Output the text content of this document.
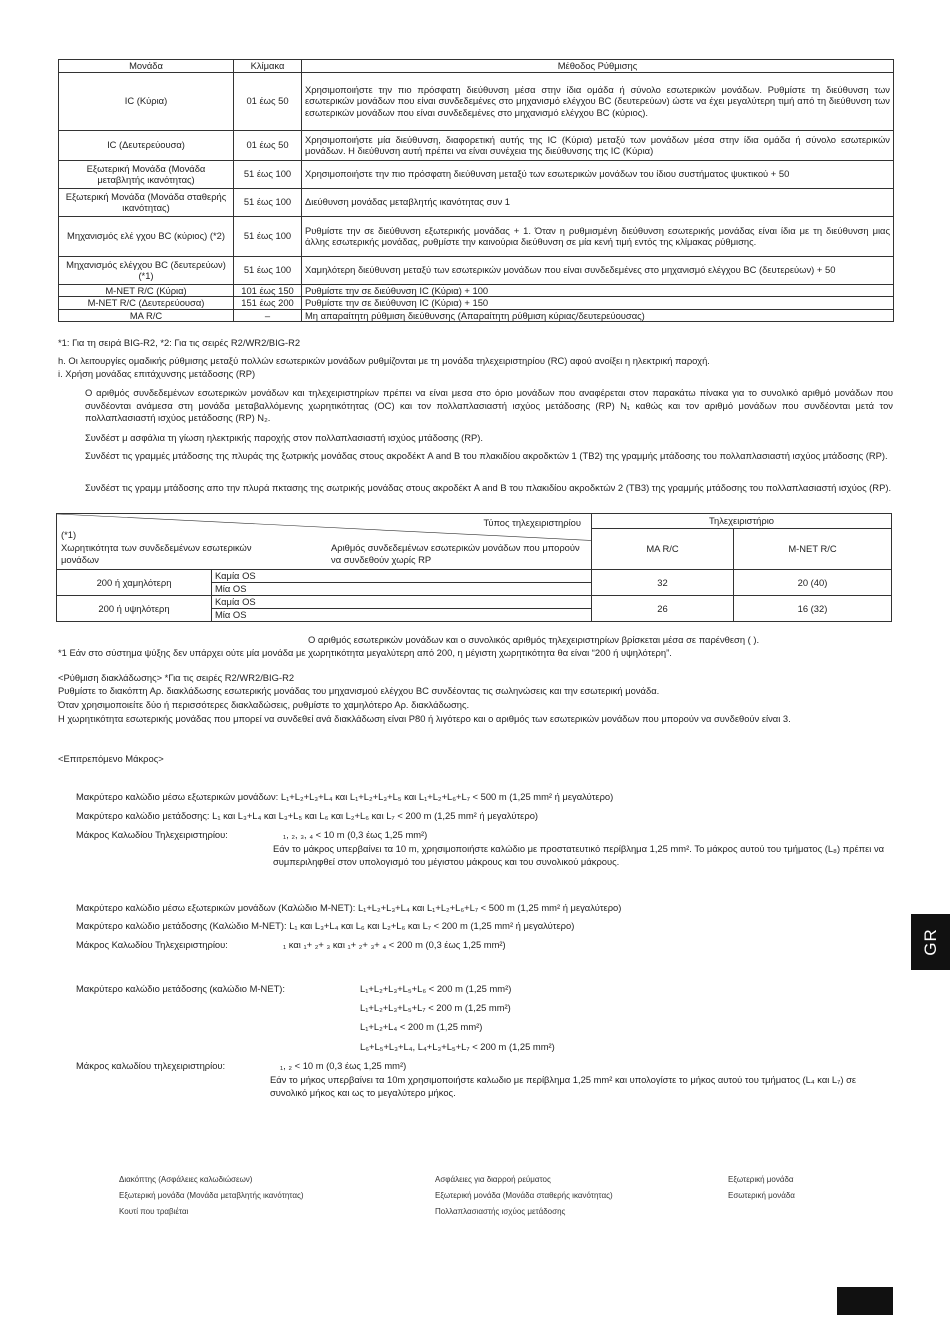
Μονάδα	Κλίμακα	Μέθοδος Ρύθμισης
IC (Κύρια)	01 έως 50	Χρησιμοποιήστε την πιο πρόσφατη διεύθυνση μέσα στην ίδια ομάδα ή σύνολο εσωτερικών μονάδων. Ρυθμίστε τη διεύθυνση των εσωτερικών μονάδων που είναι συνδεδεμένες στο μηχανισμό ελέγχου BC (δευτερεύων) ώστε να έχει μεγαλύτερη τιμή από τη διεύθυνση των εσωτερικών μονάδων που είναι συνδεδεμένες στο μηχανισμό ελέγχου BC (κύριος).
IC (Δευτερεύουσα)	01 έως 50	Χρησιμοποιήστε μία διεύθυνση, διαφορετική αυτής της IC (Κύρια) μεταξύ των μονάδων μέσα στην ίδια ομάδα ή σύνολο εσωτερικών μονάδων. Η διεύθυνση αυτή πρέπει να είναι συνέχεια της διεύθυνσης της IC (Κύρια)
Εξωτερική Μονάδα (Μονάδα μεταβλητής ικανότητας)	51 έως 100	Χρησιμοποιήστε την πιο πρόσφατη διεύθυνση μεταξύ των εσωτερικών μονάδων του ίδιου συστήματος ψυκτικού + 50
Εξωτερική Μονάδα (Μονάδα σταθερής ικανότητας)	51 έως 100	Διεύθυνση μονάδας μεταβλητής ικανότητας συν 1
Μηχανισμός ελέ γχου BC (κύριος) (*2)	51 έως 100	Ρυθμίστε την σε διεύθυνση εξωτερικής μονάδας + 1. Όταν η ρυθμισμένη διεύθυνση εσωτερικής μονάδας είναι ίδια με τη διεύθυνση μιας άλλης εσωτερικής μονάδας, ρυθμίστε την καινούρια διεύθυνση σε μία κενή τιμή εντός της κλίμακας ρύθμισης.
Μηχανισμός ελέγχου BC (δευτερεύων) (*1)	51 έως 100	Χαμηλότερη διεύθυνση μεταξύ των εσωτερικών μονάδων που είναι συνδεδεμένες στο μηχανισμό ελέγχου BC (δευτερεύων) + 50
M-NET R/C (Κύρια)	101 έως 150	Ρυθμίστε την σε διεύθυνση IC (Κύρια) + 100
M-NET R/C (Δευτερεύουσα)	151 έως 200	Ρυθμίστε την σε διεύθυνση IC (Κύρια) + 150
MA R/C	–	Μη απαραίτητη ρύθμιση διεύθυνσης (Απαραίτητη ρύθμιση κύριας/δευτερεύουσας)
*1: Για τη σειρά BIG-R2, *2: Για τις σειρές R2/WR2/BIG-R2
h. Οι λειτουργίες ομαδικής ρύθμισης μεταξύ πολλών εσωτερικών μονάδων ρυθμίζονται με τη μονάδα τηλεχειριστηρίου (RC) αφού ανοίξει η ηλεκτρική παροχή.
i. Χρήση μονάδας επιτάχυνσης μετάδοσης (RP)
Ο αριθμός συνδεδεμένων εσωτερικών μονάδων και τηλεχειριστηρίων πρέπει να είναι μεσα στο όριο μονάδων που αναφέρεται στον παρακάτω πίνακα για το συνολικό αριθμό μονάδων που συνδέονται ανάμεσα στη μονάδα μεταβαλλόμενης χωρητικότητας (OC) και τον πολλαπλασιαστή ισχύος μετάδοσης (RP) N₁ καθώς και τον αριθμό μονάδων που συνδέονται μετά τον πολλαπλασιαστή ισχύος μετάδοσης (RP) N₂.
Συνδέστ μ ασφάλια τη γίωση ηλεκτρικής παροχής στον πολλαπλασιαστή ισχύος μτάδοσης (RP).
Συνδέστ τις γραμμές μτάδοσης της πλυράς της ξωτρικής μονάδας στους ακροδέκτ A and B του πλακιδίου ακροδκτών 1 (TB2) της γραμμής μτάδοσης του πολλαπλασιαστή ισχύος μτάδοσης (RP).
Συνδέστ τις γραμμ μτάδοσης απο την πλυρά πκτασης της σωτρικής μονάδας στους ακροδέκτ A and B του πλακιδίου ακροδκτών 2 (TB3) της γραμμής μτάδοσης του πολλαπλασιαστή ισχύος (RP).
Τύπος τηλεχειριστηρίου
(*1)
Χωρητικότητα των συνδεδεμένων εσωτερικών μονάδων
Αριθμός συνδεδεμένων εσωτερικών μονάδων που μπορούν να συνδεθούν χωρίς RP		Τηλεχειριστήριο	
		MA R/C	M-NET R/C
200 ή χαμηλότερη	Καμία OS	32	20 (40)
	Μία OS		
200 ή υψηλότερη	Καμία OS	26	16 (32)
	Μία OS		
Ο αριθμός εσωτερικών μονάδων και ο συνολικός αριθμός τηλεχειριστηρίων βρίσκεται μέσα σε παρένθεση ( ).
*1 Εάν στο σύστημα ψύξης δεν υπάρχει ούτε μία μονάδα με χωρητικότητα μεγαλύτερη από 200, η μέγιστη χωρητικότητα θα είναι “200 ή υψηλότερη”.
<Ρύθμιση διακλάδωσης> *Για τις σειρές R2/WR2/BIG-R2
Ρυθμίστε το διακόπτη Αρ. διακλάδωσης εσωτερικής μονάδας του μηχανισμού ελέγχου BC συνδέοντας τις σωληνώσεις και την εσωτερική μονάδα.
Όταν χρησιμοποιείτε δύο ή περισσότερες διακλαδώσεις, ρυθμίστε το χαμηλότερο Αρ. διακλάδωσης.
Η χωρητικότητα εσωτερικής μονάδας που μπορεί να συνδεθεί ανά διακλάδωση είναι P80 ή λιγότερο και ο αριθμός των εσωτερικών μονάδων που μπορούν να συνδεθούν είναι 3.
<Επιτρεπόμενο Μάκρος>
Μακρύτερο καλώδιο μέσω εξωτερικών μονάδων: L₁+L₂+L₃+L₄ και L₁+L₂+L₃+L₅ και L₁+L₂+L₆+L₇ < 500 m (1,25 mm² ή μεγαλύτερο)
Μακρύτερο καλώδιο μετάδοσης: L₁ και L₃+L₄ και L₃+L₅ και L₆ και L₂+L₆ και L₇ < 200 m (1,25 mm² ή μεγαλύτερο)
Μάκρος Καλωδίου Τηλεχειριστηρίου:	₁, ₂, ₃, ₄ < 10 m (0,3 έως 1,25 mm²)
Εάν το μάκρος υπερβαίνει τα 10 m, χρησιμοποιήστε καλώδιο με προστατευτικό περίβλημα 1,25 mm². Το μάκρος αυτού του τμήματος (L₈) πρέπει να συμπεριληφθεί στον υπολογισμό του μέγιστου μάκρους και του συνολικού μάκρους.
Μακρύτερο καλώδιο μέσω εξωτερικών μονάδων (Καλώδιο M-NET): L₁+L₂+L₃+L₄ και L₁+L₂+L₆+L₇ < 500 m (1,25 mm² ή μεγαλύτερο)
Μακρύτερο καλώδιο μετάδοσης (Καλώδιο M-NET): L₁ και L₃+L₄ και L₆ και L₂+L₆ και L₇ < 200 m (1,25 mm² ή μεγαλύτερο)
Μάκρος Καλωδίου Τηλεχειριστηρίου:	₁ και ₁+ ₂+ ₃ και ₁+ ₂+ ₃+ ₄ < 200 m (0,3 έως 1,25 mm²)
Μακρύτερο καλώδιο μετάδοσης (καλώδιο M-NET):	L₁+L₂+L₃+L₅+L₆ < 200 m (1,25 mm²)
L₁+L₂+L₃+L₅+L₇ < 200 m (1,25 mm²)
L₁+L₂+L₄ < 200 m (1,25 mm²)
L₆+L₅+L₃+L₄, L₄+L₃+L₅+L₇ < 200 m (1,25 mm²)
Μάκρος καλωδίου τηλεχειριστηρίου:	₁, ₂ < 10 m (0,3 έως 1,25 mm²)
Εάν το μήκος υπερβαίνει τα 10m χρησιμοποιήστε καλωδιο με περίβλημα 1,25 mm² και υπολογίστε το μήκος αυτού του τμήματος (L₄ και L₇) σε συνολικό μήκος και ως το μεγαλύτερο μήκος.
Διακόπτης (Ασφάλειες καλωδιώσεων)	Ασφάλειες για διαρροή ρεύματος	Εξωτερική μονάδα
Εξωτερική μονάδα (Μονάδα μεταβλητής ικανότητας)	Εξωτερική μονάδα (Μονάδα σταθερής ικανότητας)	Εσωτερική μονάδα
Κουτί που τραβιέται	Πολλαπλασιαστής ισχύος μετάδοσης
GR
